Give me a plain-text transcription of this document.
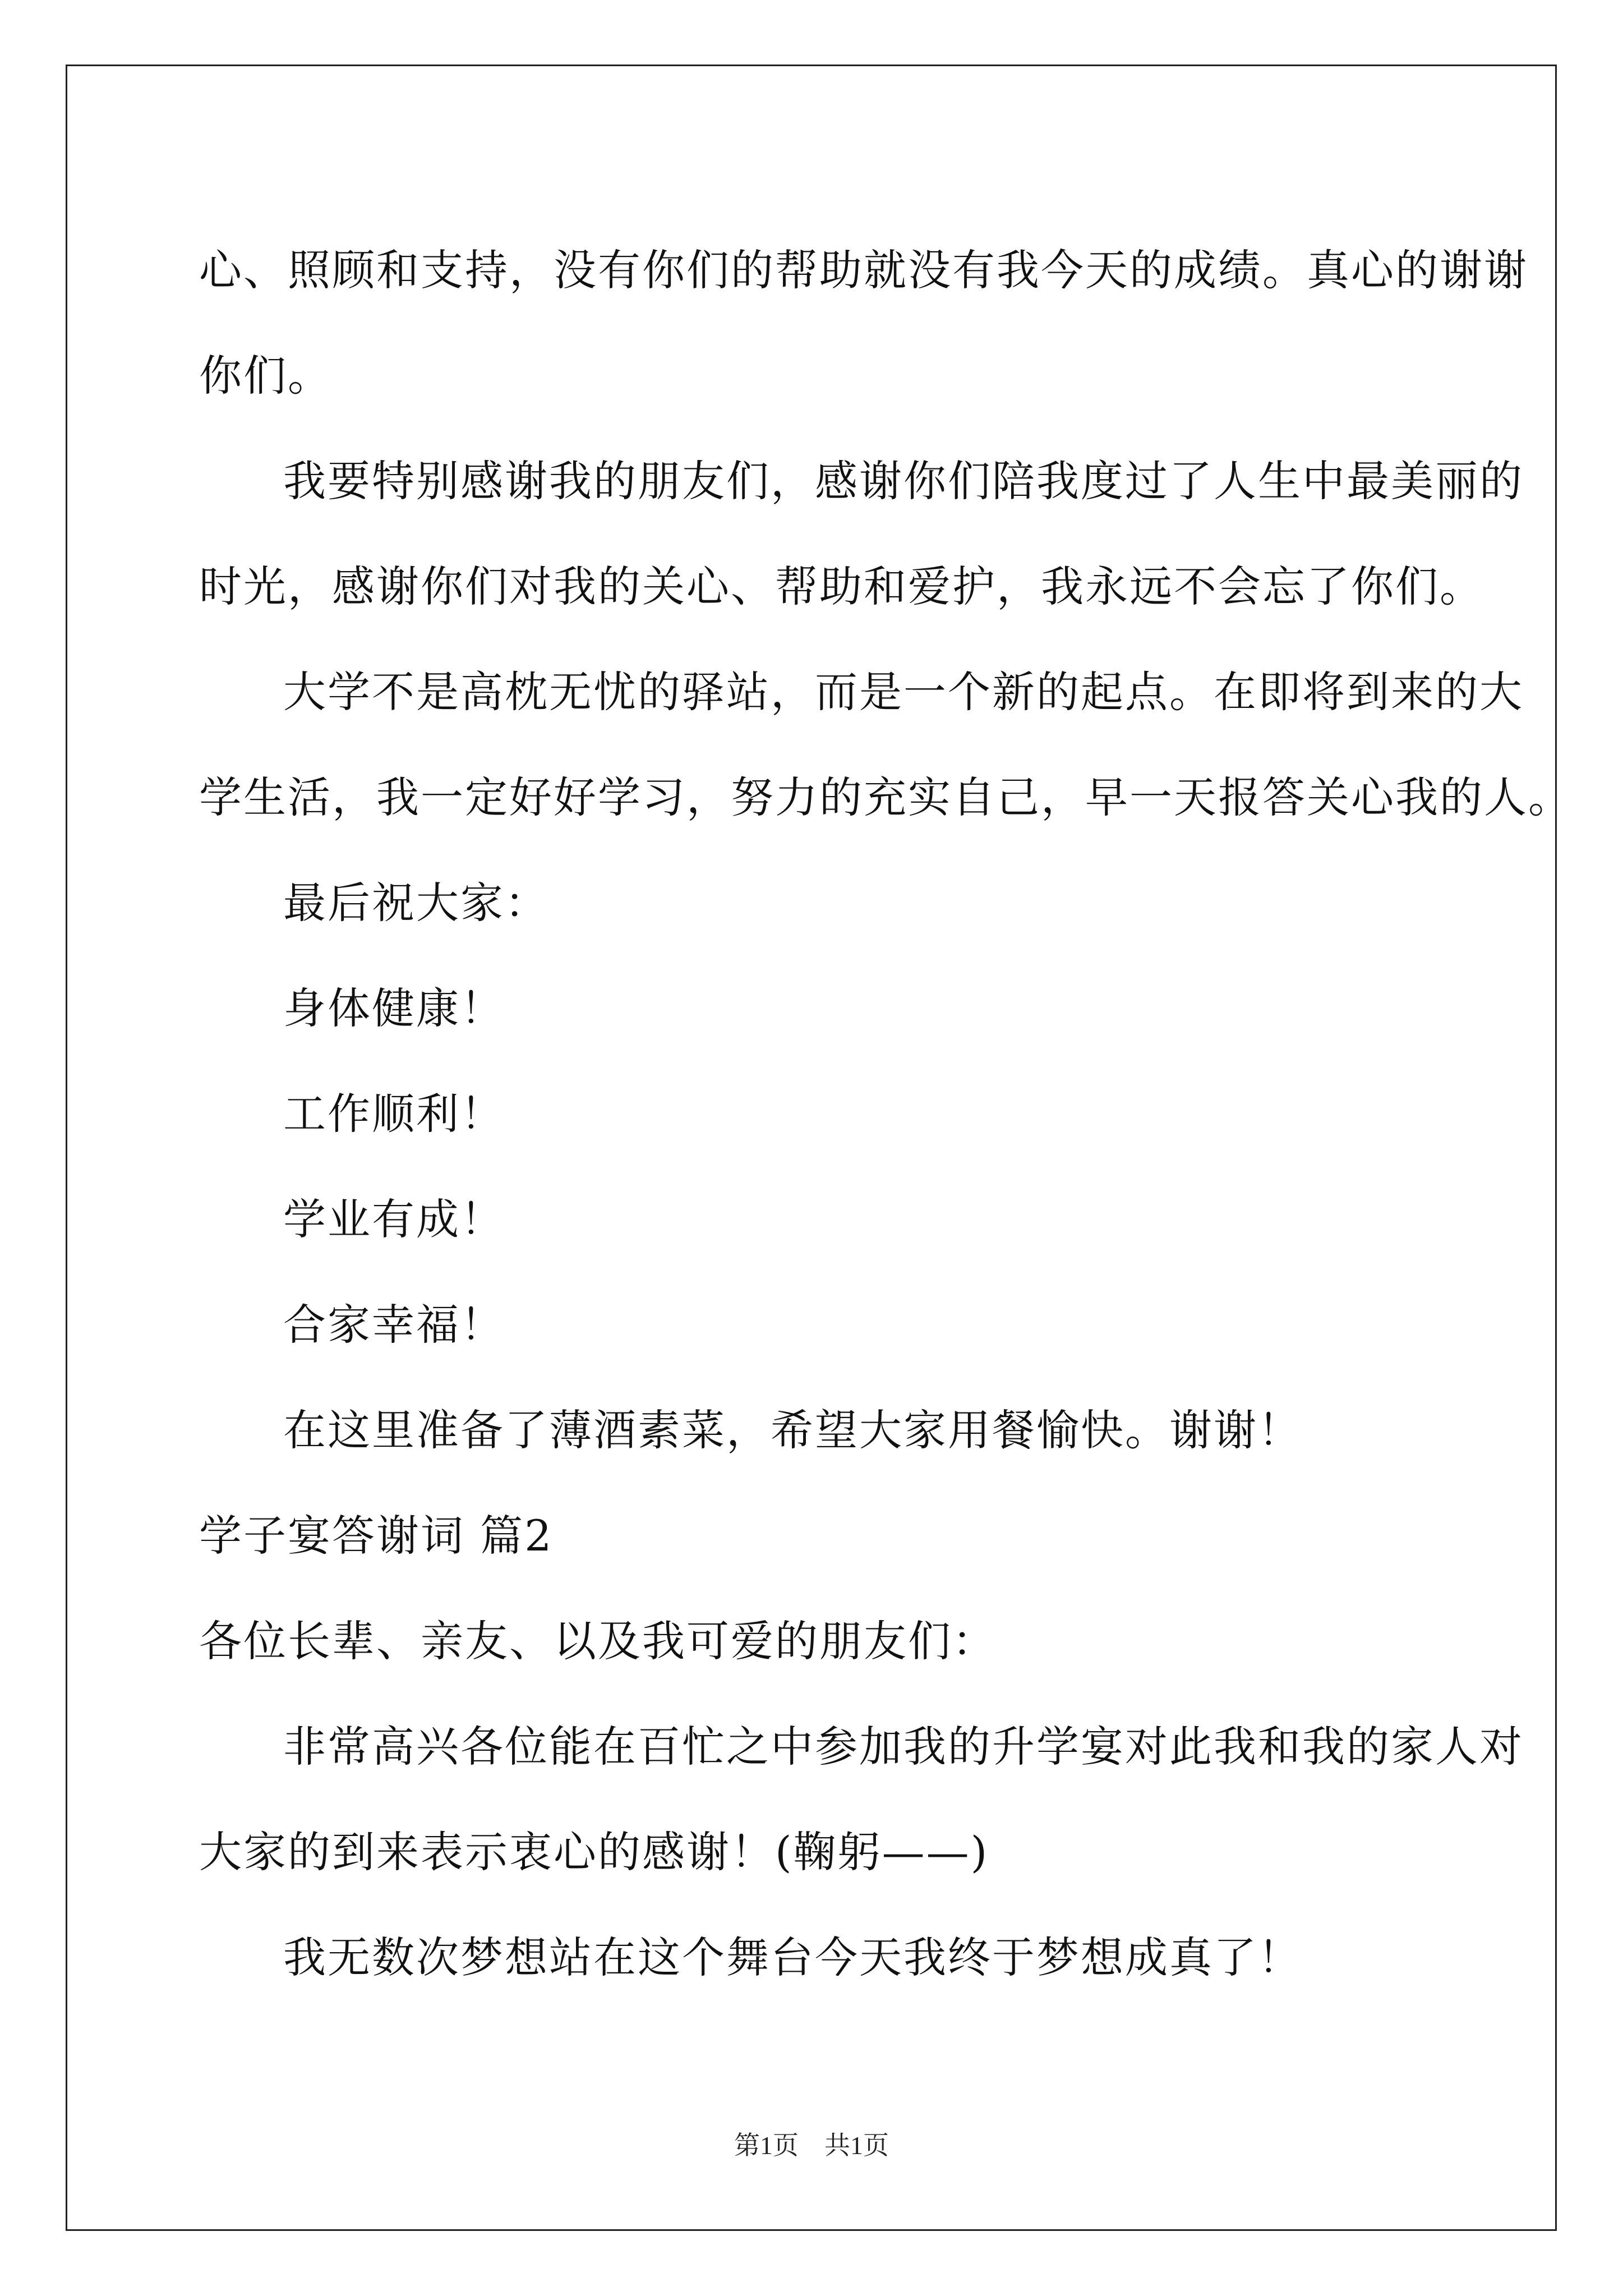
心、照顾和支持，没有你们的帮助就没有我今天的成绩。真心的谢谢
你们。
我要特别感谢我的朋友们，感谢你们陪我度过了人生中最美丽的
时光，感谢你们对我的关心、帮助和爱护，我永远不会忘了你们。
大学不是高枕无忧的驿站，而是一个新的起点。在即将到来的大
学生活，我一定好好学习，努力的充实自己，早一天报答关心我的人。
最后祝大家：
身体健康！
工作顺利！
学业有成！
合家幸福！
在这里准备了薄酒素菜，希望大家用餐愉快。谢谢！
学子宴答谢词 篇2
各位长辈、亲友、以及我可爱的朋友们：
非常高兴各位能在百忙之中参加我的升学宴对此我和我的家人对
大家的到来表示衷心的感谢！(鞠躬——)
我无数次梦想站在这个舞台今天我终于梦想成真了！
第1页　共1页
